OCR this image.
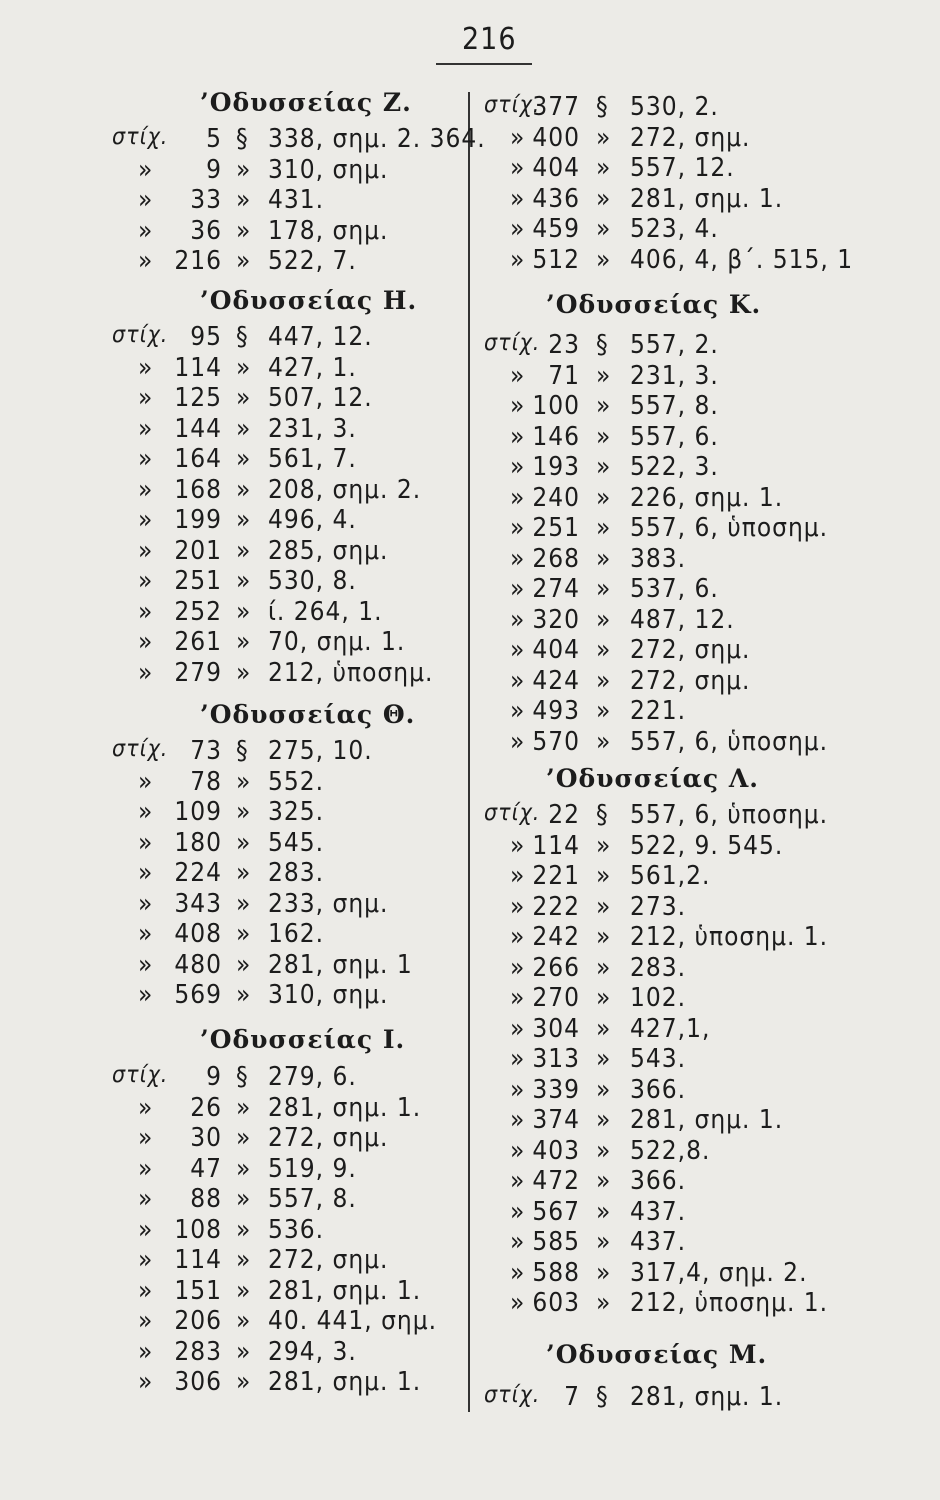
216
’Οδυσσείας Ζ.
στίχ. 5 § 338, σημ. 2. 364.
» 9 » 310, σημ.
» 33 » 431.
» 36 » 178, σημ.
» 216 » 522, 7.
’Οδυσσείας Η.
στίχ. 95 § 447, 12.
» 114 » 427, 1.
» 125 » 507, 12.
» 144 » 231, 3.
» 164 » 561, 7.
» 168 » 208, σημ. 2.
» 199 » 496, 4.
» 201 » 285, σημ.
» 251 » 530, 8.
» 252 » ί. 264, 1.
» 261 » 70, σημ. 1.
» 279 » 212, ὑποσημ.
’Οδυσσείας Θ.
στίχ. 73 § 275, 10.
» 78 » 552.
» 109 » 325.
» 180 » 545.
» 224 » 283.
» 343 » 233, σημ.
» 408 » 162.
» 480 » 281, σημ. 1
» 569 » 310, σημ.
’Οδυσσείας Ι.
στίχ. 9 § 279, 6.
» 26 » 281, σημ. 1.
» 30 » 272, σημ.
» 47 » 519, 9.
» 88 » 557, 8.
» 108 » 536.
» 114 » 272, σημ.
» 151 » 281, σημ. 1.
» 206 » 40. 441, σημ.
» 283 » 294, 3.
» 306 » 281, σημ. 1.
στίχ.
377 § 530, 2.
» 400 » 272, σημ.
» 404 » 557, 12.
» 436 » 281, σημ. 1.
» 459 » 523, 4.
» 512 » 406, 4, β΄. 515, 1
’Οδυσσείας Κ.
στίχ. 23 § 557, 2.
» 71 » 231, 3.
» 100 » 557, 8.
» 146 » 557, 6.
» 193 » 522, 3.
» 240 » 226, σημ. 1.
» 251 » 557, 6, ὑποσημ.
» 268 » 383.
» 274 » 537, 6.
» 320 » 487, 12.
» 404 » 272, σημ.
» 424 » 272, σημ.
» 493 » 221.
» 570 » 557, 6, ὑποσημ.
’Οδυσσείας Λ.
στίχ. 22 § 557, 6, ὑποσημ.
» 114 » 522, 9. 545.
» 221 » 561,2.
» 222 » 273.
» 242 » 212, ὑποσημ. 1.
» 266 » 283.
» 270 » 102.
» 304 » 427,1,
» 313 » 543.
» 339 » 366.
» 374 » 281, σημ. 1.
» 403 » 522,8.
» 472 » 366.
» 567 » 437.
» 585 » 437.
» 588 » 317,4, σημ. 2.
» 603 » 212, ὑποσημ. 1.
’Οδυσσείας Μ.
στίχ. 7 § 281, σημ. 1.
